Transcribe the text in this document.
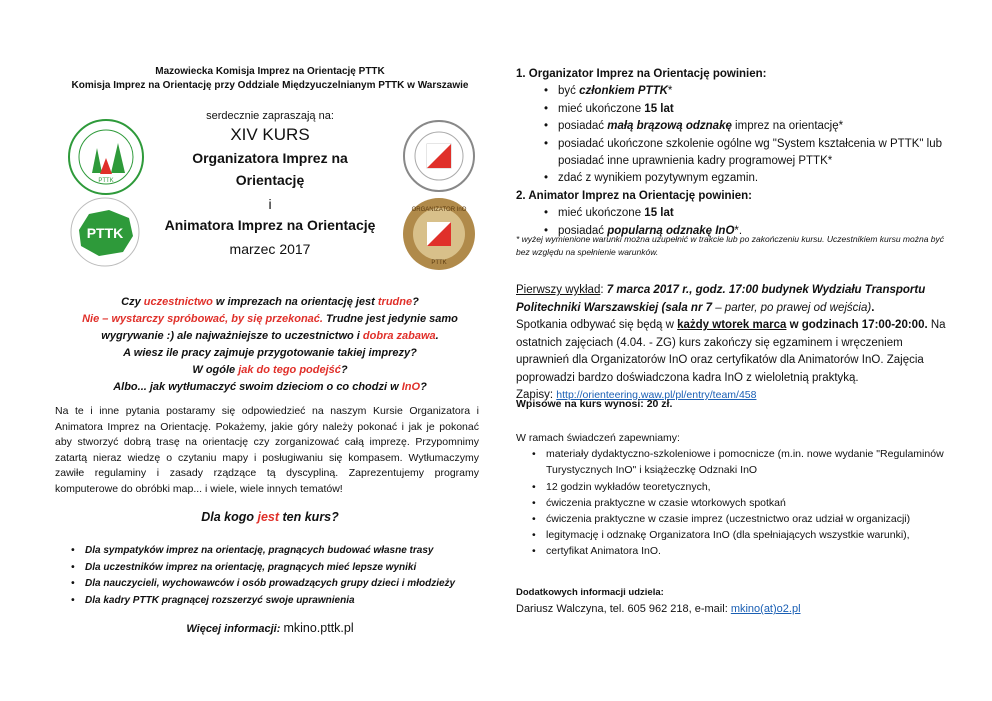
Mazowiecka Komisja Imprez na Orientację PTTK
Komisja Imprez na Orientację przy Oddziale Międzyuczelnianym PTTK w Warszawie
serdecznie zapraszają na:
XIV KURS
Organizatora Imprez na
Orientację
i
Animatora Imprez na Orientację
marzec 2017
PTTK
PTTK
ORGANIZATOR InO
PTTK
Czy uczestnictwo w imprezach na orientację jest trudne?
Nie – wystarczy spróbować, by się przekonać. Trudne jest jedynie samo
wygrywanie :) ale najważniejsze to uczestnictwo i dobra zabawa.
A wiesz ile pracy zajmuje przygotowanie takiej imprezy?
W ogóle jak do tego podejść?
Albo... jak wytłumaczyć swoim dzieciom o co chodzi w InO?
Na te i inne pytania postaramy się odpowiedzieć na naszym Kursie Organizatora i Animatora Imprez na Orientację. Pokażemy, jakie góry należy pokonać i jak je pokonać aby stworzyć dobrą trasę na orientację czy zorganizować całą imprezę. Przypomnimy zatartą nieraz wiedzę o czytaniu mapy i posługiwaniu się kompasem. Wytłumaczymy zawiłe regulaminy i zasady rządzące tą dyscypliną. Zaprezentujemy programy komputerowe do obróbki map... i wiele, wiele innych tematów!
Dla kogo jest ten kurs?
• Dla sympatyków imprez na orientację, pragnących budować własne trasy
• Dla uczestników imprez na orientację, pragnących mieć lepsze wyniki
• Dla nauczycieli, wychowawców i osób prowadzących grupy dzieci i młodzieży
• Dla kadry PTTK pragnącej rozszerzyć swoje uprawnienia
Więcej informacji: mkino.pttk.pl
1. Organizator Imprez na Orientację powinien:
• być członkiem PTTK*
• mieć ukończone 15 lat
• posiadać małą brązową odznakę imprez na orientację*
• posiadać ukończone szkolenie ogólne wg "System kształcenia w PTTK" lub posiadać inne uprawnienia kadry programowej PTTK*
• zdać z wynikiem pozytywnym egzamin.
2. Animator Imprez na Orientację powinien:
• mieć ukończone 15 lat
• posiadać popularną odznakę InO*.
* wyżej wymienione warunki można uzupełnić w trakcie lub po zakończeniu kursu. Uczestnikiem kursu można być bez względu na spełnienie warunków.
Pierwszy wykład: 7 marca 2017 r., godz. 17:00 budynek Wydziału Transportu Politechniki Warszawskiej (sala nr 7 – parter, po prawej od wejścia).
Spotkania odbywać się będą w każdy wtorek marca w godzinach 17:00-20:00. Na ostatnich zajęciach (4.04. - ZG) kurs zakończy się egzaminem i wręczeniem uprawnień dla Organizatorów InO oraz certyfikatów dla Animatorów InO. Zajęcia poprowadzi bardzo doświadczona kadra InO z wieloletnią praktyką.
Zapisy: http://orienteering.waw.pl/pl/entry/team/458
Wpisowe na kurs wynosi: 20 zł.
W ramach świadczeń zapewniamy:
• materiały dydaktyczno-szkoleniowe i pomocnicze (m.in. nowe wydanie "Regulaminów Turystycznych InO" i książeczkę Odznaki InO
• 12 godzin wykładów teoretycznych,
• ćwiczenia praktyczne w czasie wtorkowych spotkań
• ćwiczenia praktyczne w czasie imprez (uczestnictwo oraz udział w organizacji)
• legitymację i odznakę Organizatora InO (dla spełniających wszystkie warunki),
• certyfikat Animatora InO.
Dodatkowych informacji udziela:
Dariusz Walczyna, tel. 605 962 218, e-mail: mkino(at)o2.pl
